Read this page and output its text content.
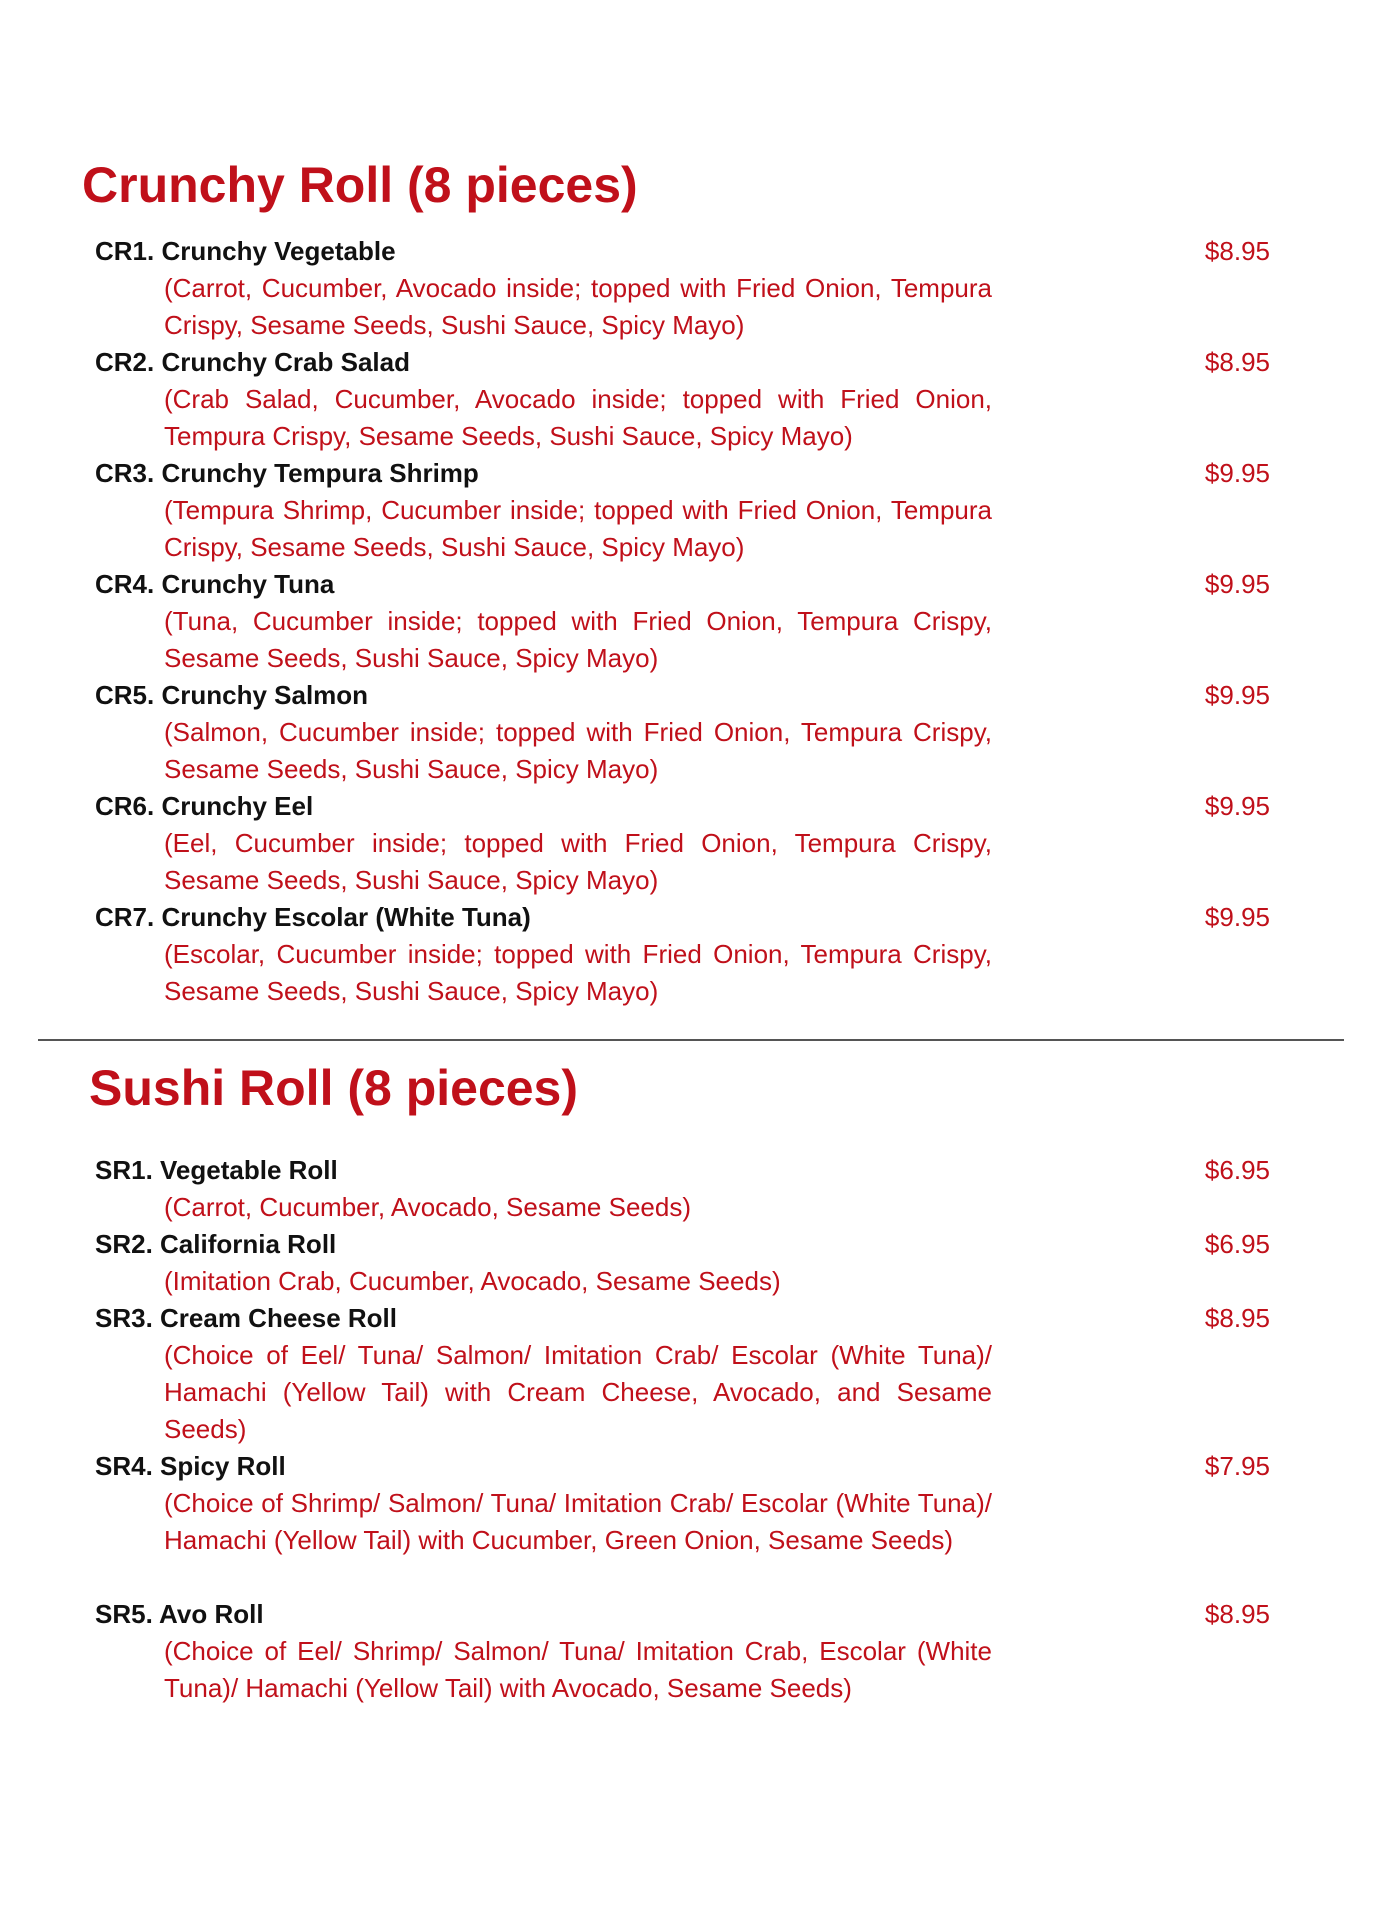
Crunchy Roll (8 pieces)
CR1. Crunchy Vegetable	$8.95

(Carrot, Cucumber, Avocado inside; topped with Fried Onion, Tempura Crispy, Sesame Seeds, Sushi Sauce, Spicy Mayo)

CR2. Crunchy Crab Salad	$8.95

(Crab Salad, Cucumber, Avocado inside; topped with Fried Onion, Tempura Crispy, Sesame Seeds, Sushi Sauce, Spicy Mayo)

CR3. Crunchy Tempura Shrimp	$9.95

(Tempura Shrimp, Cucumber inside; topped with Fried Onion, Tempura Crispy, Sesame Seeds, Sushi Sauce, Spicy Mayo)

CR4. Crunchy Tuna	$9.95

(Tuna, Cucumber inside; topped with Fried Onion, Tempura Crispy, Sesame Seeds, Sushi Sauce, Spicy Mayo)

CR5. Crunchy Salmon	$9.95

(Salmon, Cucumber inside; topped with Fried Onion, Tempura Crispy, Sesame Seeds, Sushi Sauce, Spicy Mayo)

CR6. Crunchy Eel	$9.95

(Eel, Cucumber inside; topped with Fried Onion, Tempura Crispy, Sesame Seeds, Sushi Sauce, Spicy Mayo)

CR7. Crunchy Escolar (White Tuna)	$9.95

(Escolar, Cucumber inside; topped with Fried Onion, Tempura Crispy, Sesame Seeds, Sushi Sauce, Spicy Mayo)

Sushi Roll (8 pieces)
SR1. Vegetable Roll	$6.95

(Carrot, Cucumber, Avocado, Sesame Seeds)

SR2. California Roll	$6.95

(Imitation Crab, Cucumber, Avocado, Sesame Seeds)

SR3. Cream Cheese Roll	$8.95

(Choice of Eel/ Tuna/ Salmon/ Imitation Crab/ Escolar (White Tuna)/ Hamachi (Yellow Tail) with Cream Cheese, Avocado, and Sesame Seeds)

SR4. Spicy Roll	$7.95

(Choice of Shrimp/ Salmon/ Tuna/ Imitation Crab/ Escolar (White Tuna)/ Hamachi (Yellow Tail) with Cucumber, Green Onion, Sesame Seeds)

SR5. Avo Roll	$8.95

(Choice of Eel/ Shrimp/ Salmon/ Tuna/ Imitation Crab, Escolar (White Tuna)/ Hamachi (Yellow Tail) with Avocado, Sesame Seeds)
